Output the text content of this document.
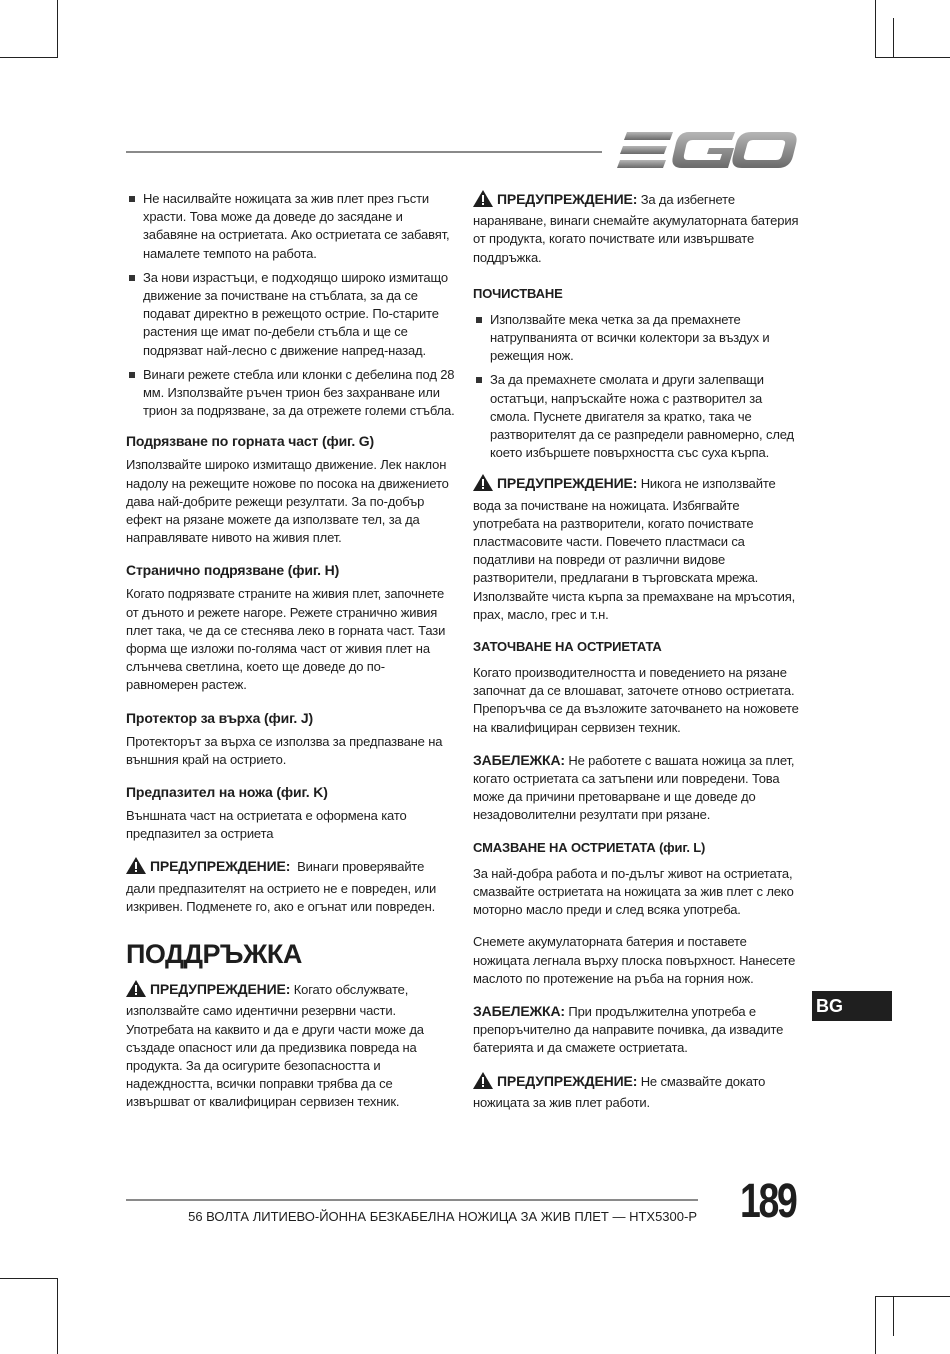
Не насилвайте ножицата за жив плет през гъсти храсти. Това може да доведе до засядане и забавяне на остриетата. Ако остриетата се забавят, намалете темпото на работа.
За нови израстъци, е подходящо широко измитащо движение за почистване на стъблата, за да се подават директно в режещото острие. По-старите растения ще имат по-дебели стъбла и ще се подрязват най-лесно с движение напред-назад.
Винаги режете стебла или клонки с дебелина под 28 мм. Използвайте ръчен трион без захранване или трион за подрязване, за да отрежете големи стъбла.
Подрязване по горната част (фиг. G)

Използвайте широко измитащо движение. Лек наклон надолу на режещите ножове по посока на движението дава най-добрите режещи резултати. За по-добър ефект на рязане можете да използвате тел, за да направлявате нивото на живия плет.

Странично подрязване (фиг. H)

Когато подрязвате страните на живия плет, започнете от дъното и режете нагоре. Режете странично живия плет така, че да се стеснява леко в горната част. Тази форма ще изложи по-голяма част от живия плет на слънчева светлина, което ще доведе до по-равномерен растеж.

Протектор за върха (фиг. J)

Протекторът за върха се използва за предпазване на външния край на острието.

Предпазител на ножа (фиг. K)

Външната част на остриетата е оформена като предпазител за остриета

ПРЕДУПРЕЖДЕНИЕ: Винаги проверявайте дали предпазителят на острието не е повреден, или изкривен. Подменете го, ако е огънат или повреден.
ПОДДРЪЖКА
ПРЕДУПРЕЖДЕНИЕ: Когато обслужвате, използвайте само идентични резервни части. Употребата на каквито и да е други части може да създаде опасност или да предизвика повреда на продукта. За да осигурите безопасността и надеждността, всички поправки трябва да се извършват от квалифициран сервизен техник.
ПРЕДУПРЕЖДЕНИЕ: За да избегнете нараняване, винаги снемайте акумулаторната батерия от продукта, когато почиствате или извършвате поддръжка.
ПОЧИСТВАНЕ
Използвайте мека четка за да премахнете натрупванията от всички колектори за въздух и режещия нож.
За да премахнете смолата и други залепващи остатъци, напръскайте ножа с разтворител за смола. Пуснете двигателя за кратко, така че разтворителят да се разпредели равномерно, след което избършете повърхността със суха кърпа.
ПРЕДУПРЕЖДЕНИЕ: Никога не използвайте вода за почистване на ножицата. Избягвайте употребата на разтворители, когато почиствате пластмасовите части. Повечето пластмаси са податливи на повреди от различни видове разтворители, предлагани в търговската мрежа. Използвайте чиста кърпа за премахване на мръсотия, прах, масло, грес и т.н.
ЗАТОЧВАНЕ НА ОСТРИЕТАТА

Когато производителността и поведението на рязане започнат да се влошават, заточете отново остриетата. Препоръчва се да възложите заточването на ножовете на квалифициран сервизен техник.

ЗАБЕЛЕЖКА: Не работете с вашата ножица за плет, когато остриетата са затъпени или повредени. Това може да причини претоварване и ще доведе до незадоволителни резултати при рязане.
СМАЗВАНЕ НА ОСТРИЕТАТА (фиг. L)

За най-добра работа и по-дълъг живот на остриетата, смазвайте остриетата на ножицата за жив плет с леко моторно масло преди и след всяка употреба.

Снемете акумулаторната батерия и поставете ножицата легнала върху плоска повърхност. Нанесете маслото по протежение на ръба на горния нож.

ЗАБЕЛЕЖКА: При продължителна употреба е препоръчително да направите почивка, да извадите батерията и да смажете остриетата.
ПРЕДУПРЕЖДЕНИЕ: Не смазвайте докато ножицата за жив плет работи.
BG
56 ВОЛТА ЛИТИЕВО-ЙОННА БЕЗКАБЕЛНА НОЖИЦА ЗА ЖИВ ПЛЕТ — HTX5300-P 189
